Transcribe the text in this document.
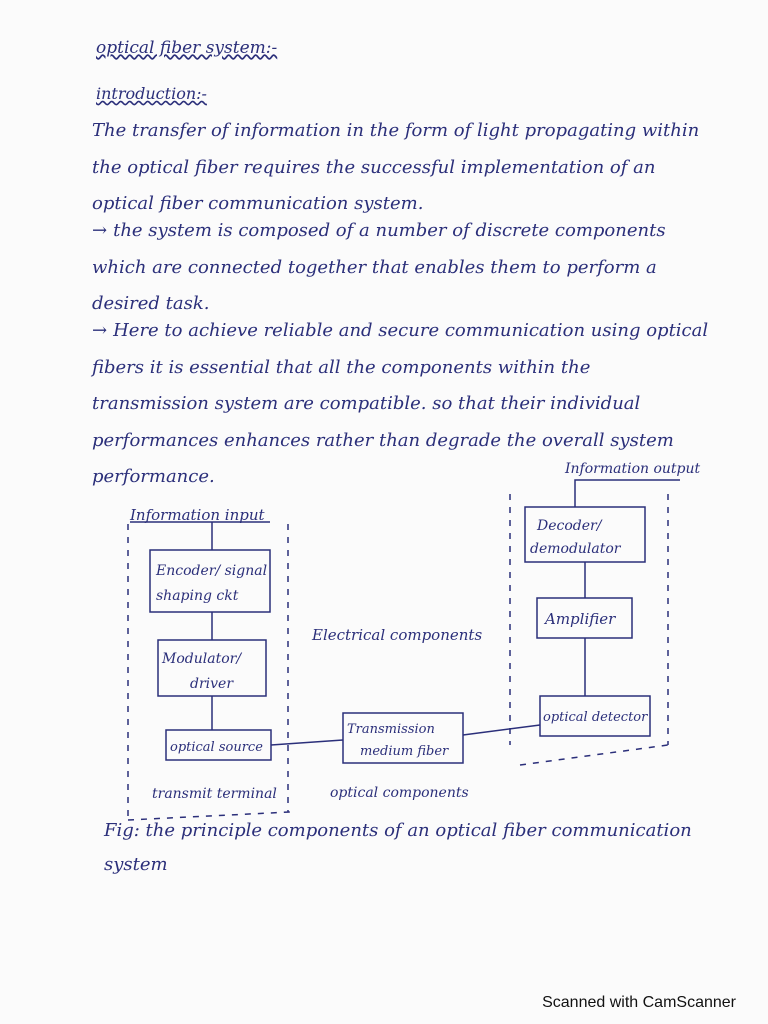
optical fiber system:-
introduction:-

The transfer of information in the form of light propagating within the optical fiber requires the successful implementation of an optical fiber communication system.

→ the system is composed of a number of discrete components which are connected together that enables them to perform a desired task.

→ Here to achieve reliable and secure communication using optical fibers it is essential that all the components within the transmission system are compatible. so that their individual performances enhances rather than degrade the overall system performance.

Information input
Information output
Encoder/ signal
shaping ckt
Modulator/
driver
optical source
Transmission
medium fiber
optical detector
Amplifier
Decoder/
demodulator
Electrical components
optical components
transmit terminal

Fig: the principle components of an optical fiber communication system

Scanned with CamScanner
